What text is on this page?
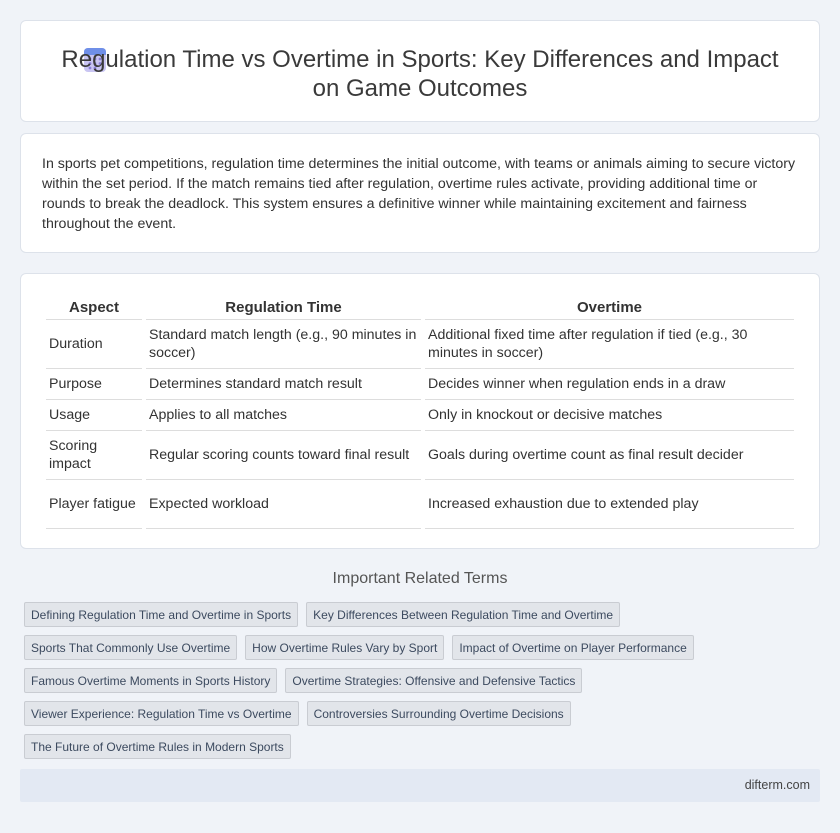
Regulation Time vs Overtime in Sports: Key Differences and Impact on Game Outcomes

In sports pet competitions, regulation time determines the initial outcome, with teams or animals aiming to secure victory within the set period. If the match remains tied after regulation, overtime rules activate, providing additional time or rounds to break the deadlock. This system ensures a definitive winner while maintaining excitement and fairness throughout the event.

Aspect	Regulation Time	Overtime
Duration	Standard match length (e.g., 90 minutes in soccer)	Additional fixed time after regulation if tied (e.g., 30 minutes in soccer)
Purpose	Determines standard match result	Decides winner when regulation ends in a draw
Usage	Applies to all matches	Only in knockout or decisive matches
Scoring impact	Regular scoring counts toward final result	Goals during overtime count as final result decider
Player fatigue	Expected workload	Increased exhaustion due to extended play
Important Related Terms
Defining Regulation Time and Overtime in Sports	Key Differences Between Regulation Time and Overtime
Sports That Commonly Use Overtime	How Overtime Rules Vary by Sport	Impact of Overtime on Player Performance
Famous Overtime Moments in Sports History	Overtime Strategies: Offensive and Defensive Tactics
Viewer Experience: Regulation Time vs Overtime	Controversies Surrounding Overtime Decisions
The Future of Overtime Rules in Modern Sports
difterm.com
